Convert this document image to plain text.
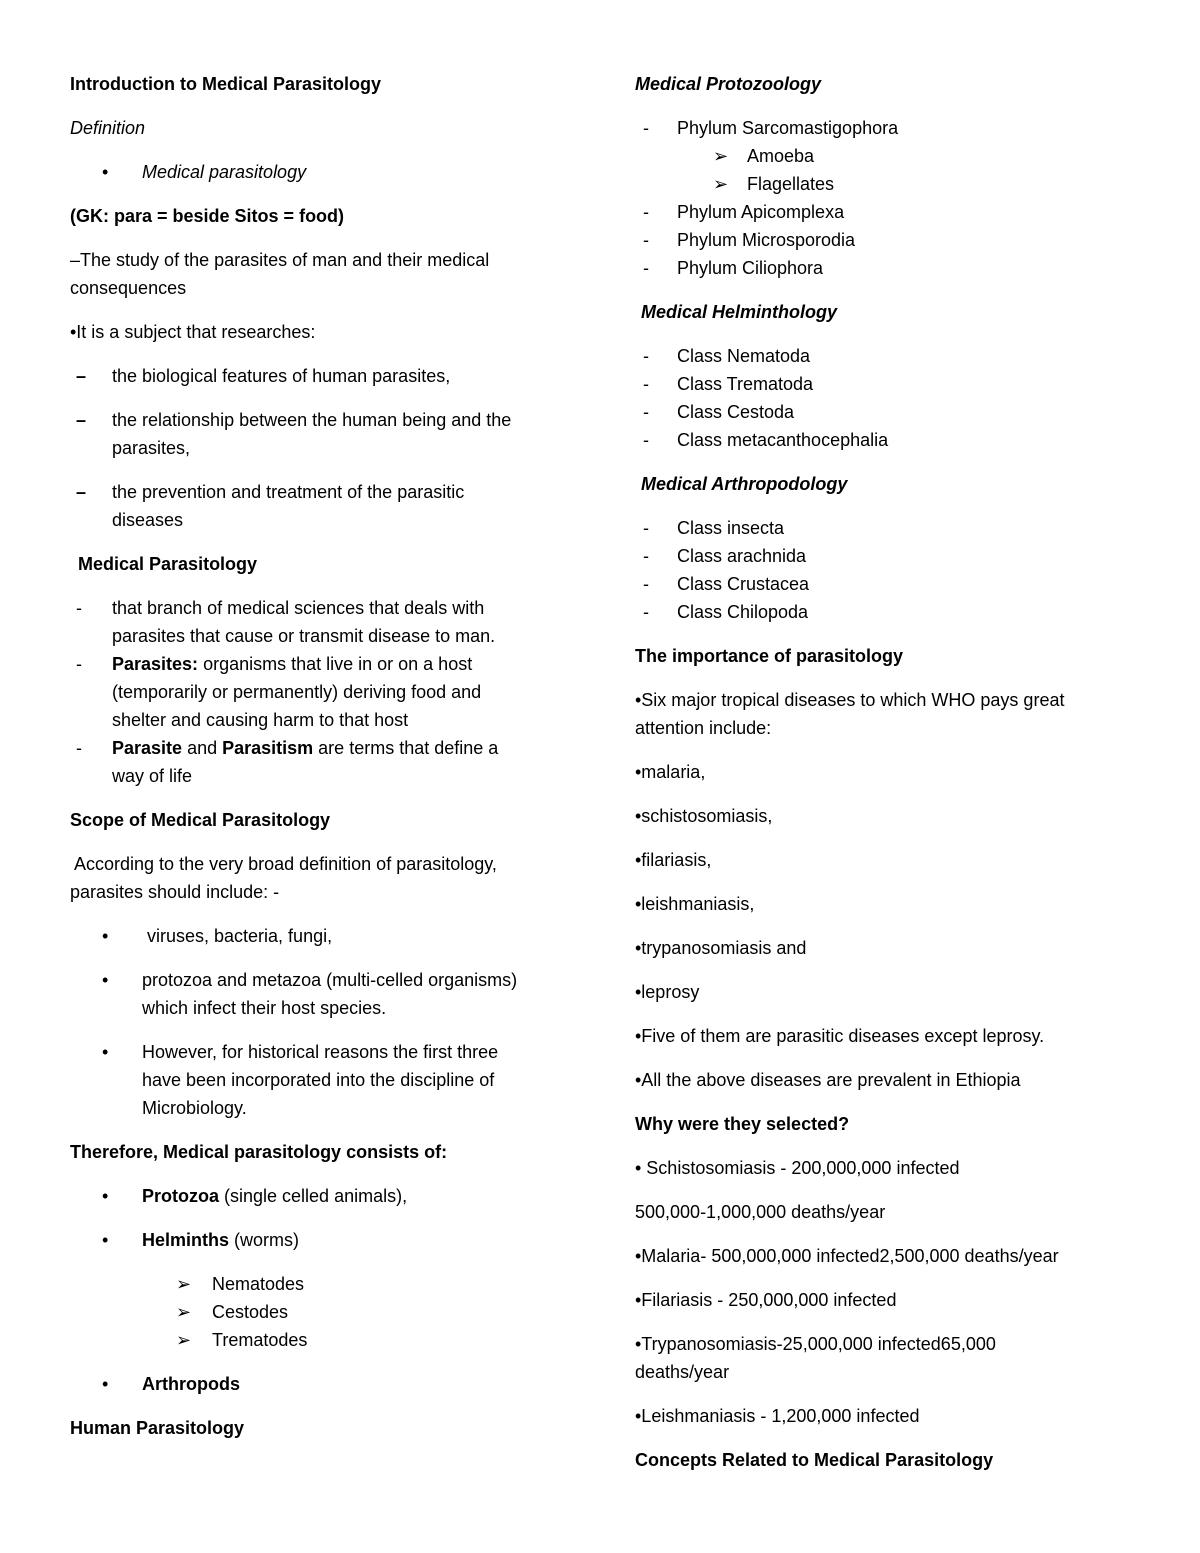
Introduction to Medical Parasitology

Definition

•	Medical parasitology

(GK: para = beside Sitos = food)

–The study of the parasites of man and their medical

consequences

•It is a subject that researches:

–	the biological features of human parasites,

–	the relationship between the human being and the

parasites,

–	the prevention and treatment of the parasitic

diseases

Medical Parasitology

-	that branch of medical sciences that deals with

parasites that cause or transmit disease to man.

-	Parasites: organisms that live in or on a host

(temporarily or permanently) deriving food and

shelter and causing harm to that host

-	Parasite and Parasitism are terms that define a

way of life

Scope of Medical Parasitology

According to the very broad definition of parasitology,

parasites should include: -

•	viruses, bacteria, fungi,

•	protozoa and metazoa (multi-celled organisms)

which infect their host species.

•	However, for historical reasons the first three

have been incorporated into the discipline of

Microbiology.

Therefore, Medical parasitology consists of:

•	Protozoa (single celled animals),

•	Helminths (worms)

➢ Nematodes

➢ Cestodes

➢ Trematodes

•	Arthropods

Human Parasitology

Medical Protozoology

- Phylum Sarcomastigophora

➢ Amoeba

➢ Flagellates

- Phylum Apicomplexa

- Phylum Microsporodia

- Phylum Ciliophora

Medical Helminthology

- Class Nematoda

- Class Trematoda

- Class Cestoda

- Class metacanthocephalia

Medical Arthropodology

- Class insecta

- Class arachnida

- Class Crustacea

- Class Chilopoda

The importance of parasitology

•Six major tropical diseases to which WHO pays great

attention include:

•malaria,

•schistosomiasis,

•filariasis,

•leishmaniasis,

•trypanosomiasis and

•leprosy

•Five of them are parasitic diseases except leprosy.

•All the above diseases are prevalent in Ethiopia

Why were they selected?

• Schistosomiasis - 200,000,000 infected

500,000-1,000,000 deaths/year

•Malaria- 500,000,000 infected2,500,000 deaths/year

•Filariasis - 250,000,000 infected

•Trypanosomiasis-25,000,000 infected65,000

deaths/year

•Leishmaniasis - 1,200,000 infected

Concepts Related to Medical Parasitology
